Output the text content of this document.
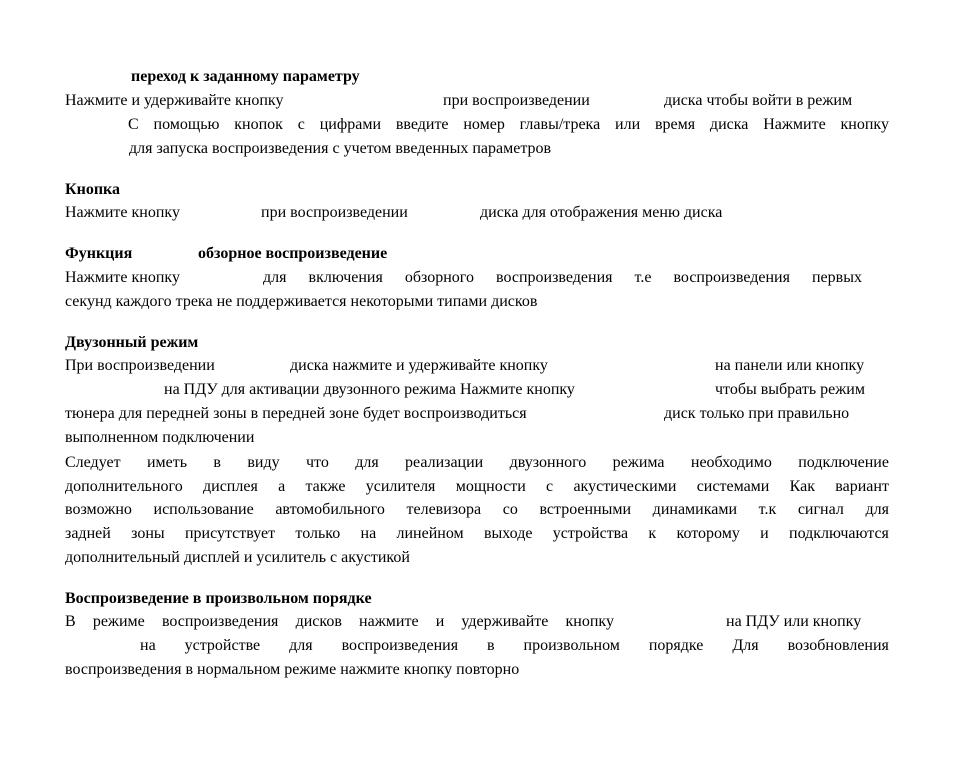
переход к заданному параметру
Нажмите и удерживайте кнопку	при воспроизведении	диска чтобы войти в режим
С помощью кнопок с цифрами введите номер главы/трека или время диска Нажмите кнопку
для запуска воспроизведения с учетом введенных параметров
Кнопка
Нажмите кнопку	при воспроизведении	диска для отображения меню диска
Функция	обзорное воспроизведение
Нажмите кнопку	для включения обзорного воспроизведения т.е воспроизведения первых
секунд каждого трека не поддерживается некоторыми типами дисков
Двузонный режим
При воспроизведении	диска нажмите и удерживайте кнопку	на панели или кнопку
на ПДУ для активации двузонного режима Нажмите кнопку	чтобы выбрать режим
тюнера для передней зоны в передней зоне будет воспроизводиться	диск только при правильно
выполненном подключении
Следует иметь в виду что для реализации двузонного режима необходимо подключение
дополнительного дисплея а также усилителя мощности с акустическими системами Как вариант
возможно использование автомобильного телевизора со встроенными динамиками т.к сигнал для
задней зоны присутствует только на линейном выходе устройства к которому и подключаются
дополнительный дисплей и усилитель с акустикой
Воспроизведение в произвольном порядке
В режиме воспроизведения дисков нажмите и удерживайте кнопку	на ПДУ или кнопку
на устройстве для воспроизведения в произвольном порядке Для возобновления
воспроизведения в нормальном режиме нажмите кнопку повторно
